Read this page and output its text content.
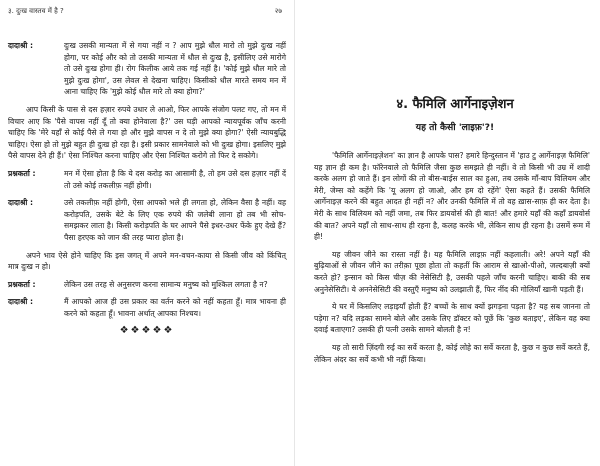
३. दुःख वास्तव में है ?	२७
दादाश्री :	दुःख उसकी मान्यता में से गया नहीं न ? आप मुझे धौल मारो तो मुझे दुःख नहीं होगा, पर कोई और को तो उसकी मान्यता में धौल से दुःख है, इसीलिए उसे मारोगे तो उसे दुःख होगा ही। रोग किलीक आये तक गई नहीं है। 'कोई मुझे धौल मारे तो मुझे दुःख होगा', उस लेवल से देखना चाहिए। किसीको धौल मारते समय मन में आना चाहिए कि 'मुझे कोई धौल मारे तो क्या होगा?'

आप किसी के पास से दस हज़ार रुपये उधार ले आओ, फिर आपके संजोग पलट गए, तो मन में विचार आए कि 'पैसे वापस नहीं दूँ तो क्या होनेवाला है?' उस घड़ी आपको न्यायपूर्वक जाँच करनी चाहिए कि 'मेरे यहाँ से कोई पैसे ले गया हो और मुझे वापस न दे तो मुझे क्या होगा?' ऐसी न्यायबुद्धि चाहिए। ऐसा हो तो मुझे बहुत ही दुःख हो रहा है। इसी प्रकार सामनेवाले को भी दुःख होगा। इसलिए मुझे पैसे वापस देने ही हैं।' ऐसा निश्चित करना चाहिए और ऐसा निश्चित करोगे तो फिर दे सकोगे।

प्रश्नकर्ता :	मन में ऐसा होता है कि ये दस करोड़ का आसामी है, तो हम उसे दस हज़ार नहीं दें तो उसे कोई तकलीफ़ नहीं होगी।
दादाश्री :	उसे तकलीफ़ नहीं होगी, ऐसा आपको भले ही लगता हो, लेकिन वैसा है नहीं। वह करोड़पति, उसके बेटे के लिए एक रुपये की जलेबी लाना हो तब भी सोच-समझकर लाता है। किसी करोड़पति के घर आपने पैसे इधर-उधर फेंके हुए देखे हैं? पैसा हरएक को जान की तरह प्यारा होता है।

अपने भाव ऐसे होने चाहिए कि इस जगत् में अपने मन-वचन-काया से किसी जीव को किंचित् मात्र दुःख न हो।

प्रश्नकर्ता :	लेकिन उस तरह से अनुसरण करना सामान्य मनुष्य को मुश्किल लगता है न?
दादाश्री :	मैं आपको आज ही उस प्रकार का वर्तन करने को नहीं कहता हूँ। मात्र भावना ही करने को कहता हूँ। भावना अर्थात् आपका निश्चय।
❖❖❖❖❖
४. फैमिलि आर्गेनाइज़ेशन
यह तो कैसी 'लाइफ़'?!

'फैमिलि आर्गेनाइज़ेशन' का ज्ञान है आपके पास? हमारे हिन्दुस्तान में 'हाउ टु आर्गेनाइज़ फैमिलि' यह ज्ञान ही कम है। फॉरेनवाले तो फैमिलि जैसा कुछ समझते ही नहीं। वे तो किसी भी उम्र में शादी करके अलग हो जाते हैं। इन लोगों की तो बीस-बाईस साल का हुआ, तब उसके माँ-बाप विलियम और मेरी, जेम्स को कहेंगे कि 'यू अलग हो जाओ, और हम दो रहेंगे' ऐसा कहते हैं। उसकी फैमिलि आर्गेनाइज़ करने की बहुत आदत ही नहीं न? और उनकी फैमिलि में तो वह ख़ास-साफ़ ही कर देता है। मेरी के साथ विलियम को नहीं जमा, तब फिर डायवोर्स की ही बात! और हमारे यहाँ की कहाँ डायवोर्स की बात? अपने यहाँ तो साथ-साथ ही रहना है, कलह करके भी, लेकिन साथ ही रहना है। उसमें रूम में ही!

यह जीवन जीने का रास्ता नहीं है। यह फैमिलि लाइफ़ नहीं कहलाती। अरे! अपने यहाँ की बुढ़ियाओं से जीवन जीने का तरीक़ा पूछा होता तो कहतीं कि आराम से खाओ-पीओ, जल्दबाज़ी क्यों करते हो? इन्सान को किस चीज़ की नेसेसिटी है, उसकी पहले जाँच करनी चाहिए। बाकी की सब अनुनेसेसिटी। ये अननेसेसिटी की वस्तुएँ मनुष्य को उलझाती हैं, फिर नींद की गोलियाँ खानी पड़ती हैं।

ये घर में किसलिए लड़ाइयाँ होती हैं? बच्चों के साथ क्यों झगड़ना पड़ता है? यह सब जानना तो पड़ेगा न? यदि लड़का सामने बोले और उसके लिए डॉक्टर को पूछें कि 'कुछ बताइए', लेकिन वह क्या दवाई बताएगा? उसकी ही पत्नी उसके सामने बोलती है न!

यह तो सारी ज़िंदगी रुई का सर्वे करता है, कोई लोहे का सर्वे करता है, कुछ न कुछ सर्वे करते हैं, लेकिन अंदर का सर्वे कभी भी नहीं किया।
